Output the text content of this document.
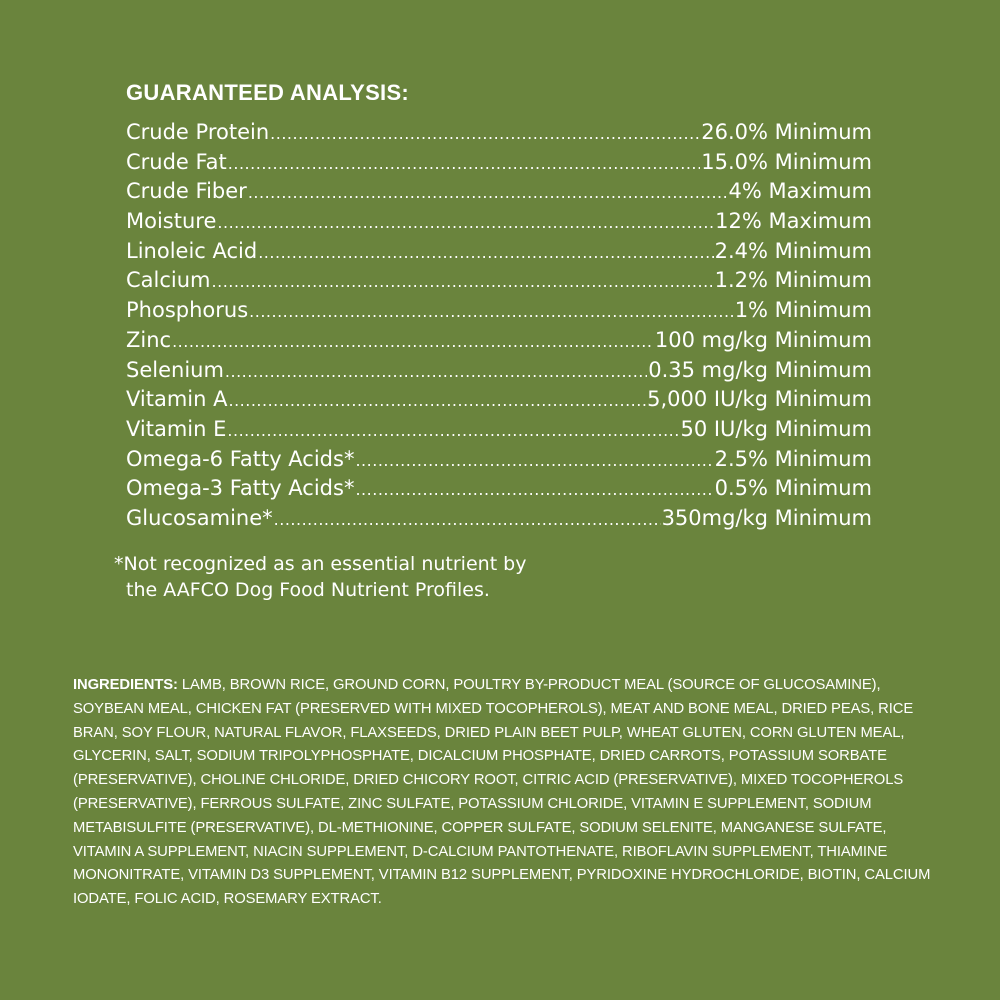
GUARANTEED ANALYSIS:
Crude Protein .....	26.0% Minimum
Crude Fat .....	15.0% Minimum
Crude Fiber .....	4% Maximum
Moisture .....	12% Maximum
Linoleic Acid .....	2.4% Minimum
Calcium .....	1.2% Minimum
Phosphorus .....	1% Minimum
Zinc .....	100 mg/kg Minimum
Selenium .....	0.35 mg/kg Minimum
Vitamin A .....	5,000 IU/kg Minimum
Vitamin E .....	50 IU/kg Minimum
Omega-6 Fatty Acids* .....	2.5% Minimum
Omega-3 Fatty Acids* .....	0.5% Minimum
Glucosamine* .....	350mg/kg Minimum

*Not recognized as an essential nutrient by
the AAFCO Dog Food Nutrient Profiles.

INGREDIENTS: LAMB, BROWN RICE, GROUND CORN, POULTRY BY-PRODUCT MEAL (SOURCE OF GLUCOSAMINE), SOYBEAN MEAL, CHICKEN FAT (PRESERVED WITH MIXED TOCOPHEROLS), MEAT AND BONE MEAL, DRIED PEAS, RICE BRAN, SOY FLOUR, NATURAL FLAVOR, FLAXSEEDS, DRIED PLAIN BEET PULP, WHEAT GLUTEN, CORN GLUTEN MEAL, GLYCERIN, SALT, SODIUM TRIPOLYPHOSPHATE, DICALCIUM PHOSPHATE, DRIED CARROTS, POTASSIUM SORBATE (PRESERVATIVE), CHOLINE CHLORIDE, DRIED CHICORY ROOT, CITRIC ACID (PRESERVATIVE), MIXED TOCOPHEROLS (PRESERVATIVE), FERROUS SULFATE, ZINC SULFATE, POTASSIUM CHLORIDE, VITAMIN E SUPPLEMENT, SODIUM METABISULFITE (PRESERVATIVE), DL-METHIONINE, COPPER SULFATE, SODIUM SELENITE, MANGANESE SULFATE, VITAMIN A SUPPLEMENT, NIACIN SUPPLEMENT, D-CALCIUM PANTOTHENATE, RIBOFLAVIN SUPPLEMENT, THIAMINE MONONITRATE, VITAMIN D3 SUPPLEMENT, VITAMIN B12 SUPPLEMENT, PYRIDOXINE HYDROCHLORIDE, BIOTIN, CALCIUM IODATE, FOLIC ACID, ROSEMARY EXTRACT.
